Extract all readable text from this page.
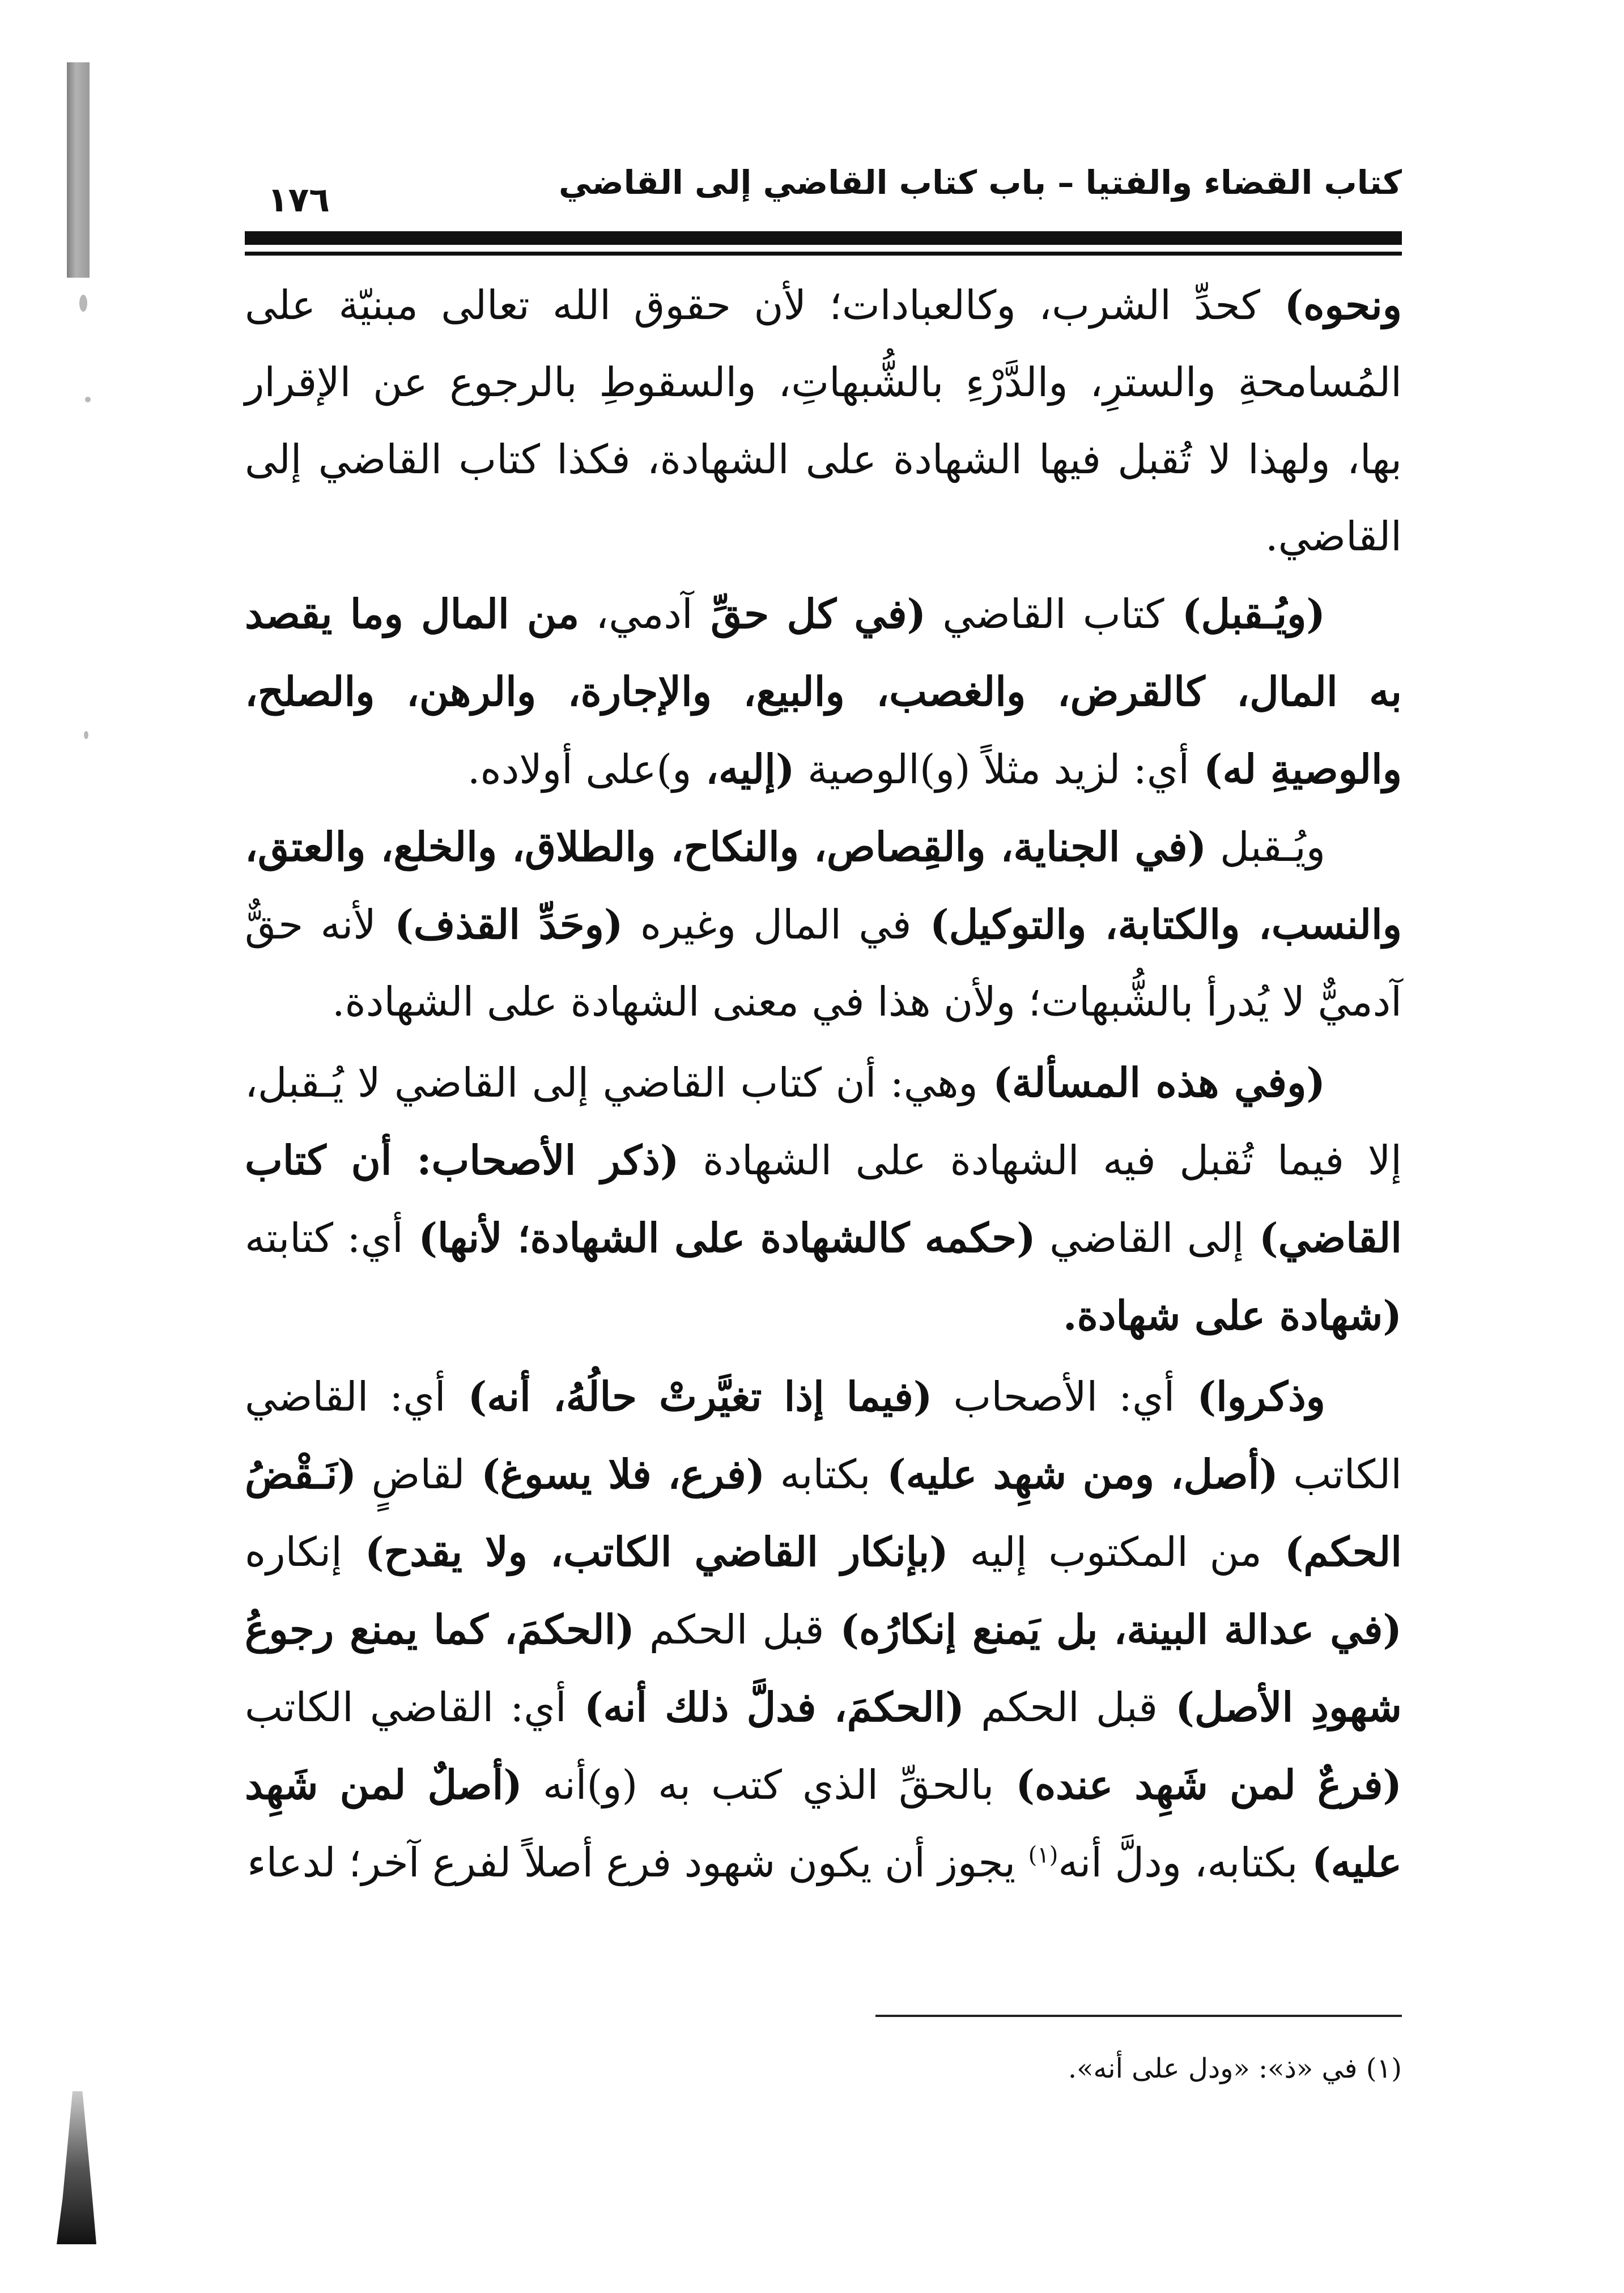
كتاب القضاء والفتيا – باب كتاب القاضي إلى القاضي
١٧٦

ونحوه) كحدِّ الشرب، وكالعبادات؛ لأن حقوق الله تعالى مبنيّة على المُسامحةِ والسترِ، والدَّرْءِ بالشُّبهاتِ، والسقوطِ بالرجوع عن الإقرار بها، ولهذا لا تُقبل فيها الشهادة على الشهادة، فكذا كتاب القاضي إلى القاضي.

(ويُـقبل) كتاب القاضي (في كل حقِّ آدمي، من المال وما يقصد به المال، كالقرض، والغصب، والبيع، والإجارة، والرهن، والصلح، والوصيةِ له) أي: لزيد مثلاً (و)الوصية (إليه، و)على أولاده.

ويُـقبل (في الجناية، والقِصاص، والنكاح، والطلاق، والخلع، والعتق، والنسب، والكتابة، والتوكيل) في المال وغيره (وحَدِّ القذف) لأنه حقٌّ آدميٌّ لا يُدرأ بالشُّبهات؛ ولأن هذا في معنى الشهادة على الشهادة.

(وفي هذه المسألة) وهي: أن كتاب القاضي إلى القاضي لا يُـقبل، إلا فيما تُقبل فيه الشهادة على الشهادة (ذكر الأصحاب: أن كتاب القاضي) إلى القاضي (حكمه كالشهادة على الشهادة؛ لأنها) أي: كتابته (شهادة على شهادة.

وذكروا) أي: الأصحاب (فيما إذا تغيَّرتْ حالُهُ، أنه) أي: القاضي الكاتب (أصل، ومن شهِد عليه) بكتابه (فرع، فلا يسوغ) لقاضٍ (نَـقْضُ الحكم) من المكتوب إليه (بإنكار القاضي الكاتب، ولا يقدح) إنكاره (في عدالة البينة، بل يَمنع إنكارُه) قبل الحكم (الحكمَ، كما يمنع رجوعُ شهودِ الأصل) قبل الحكم (الحكمَ، فدلَّ ذلك أنه) أي: القاضي الكاتب (فرعٌ لمن شَهِد عنده) بالحقِّ الذي كتب به (و)أنه (أصلٌ لمن شَهِد عليه) بكتابه، ودلَّ أنه$^{(١)}$ يجوز أن يكون شهود فرع أصلاً لفرع آخر؛ لدعاء

(١) في «ذ»: «ودل على أنه».
